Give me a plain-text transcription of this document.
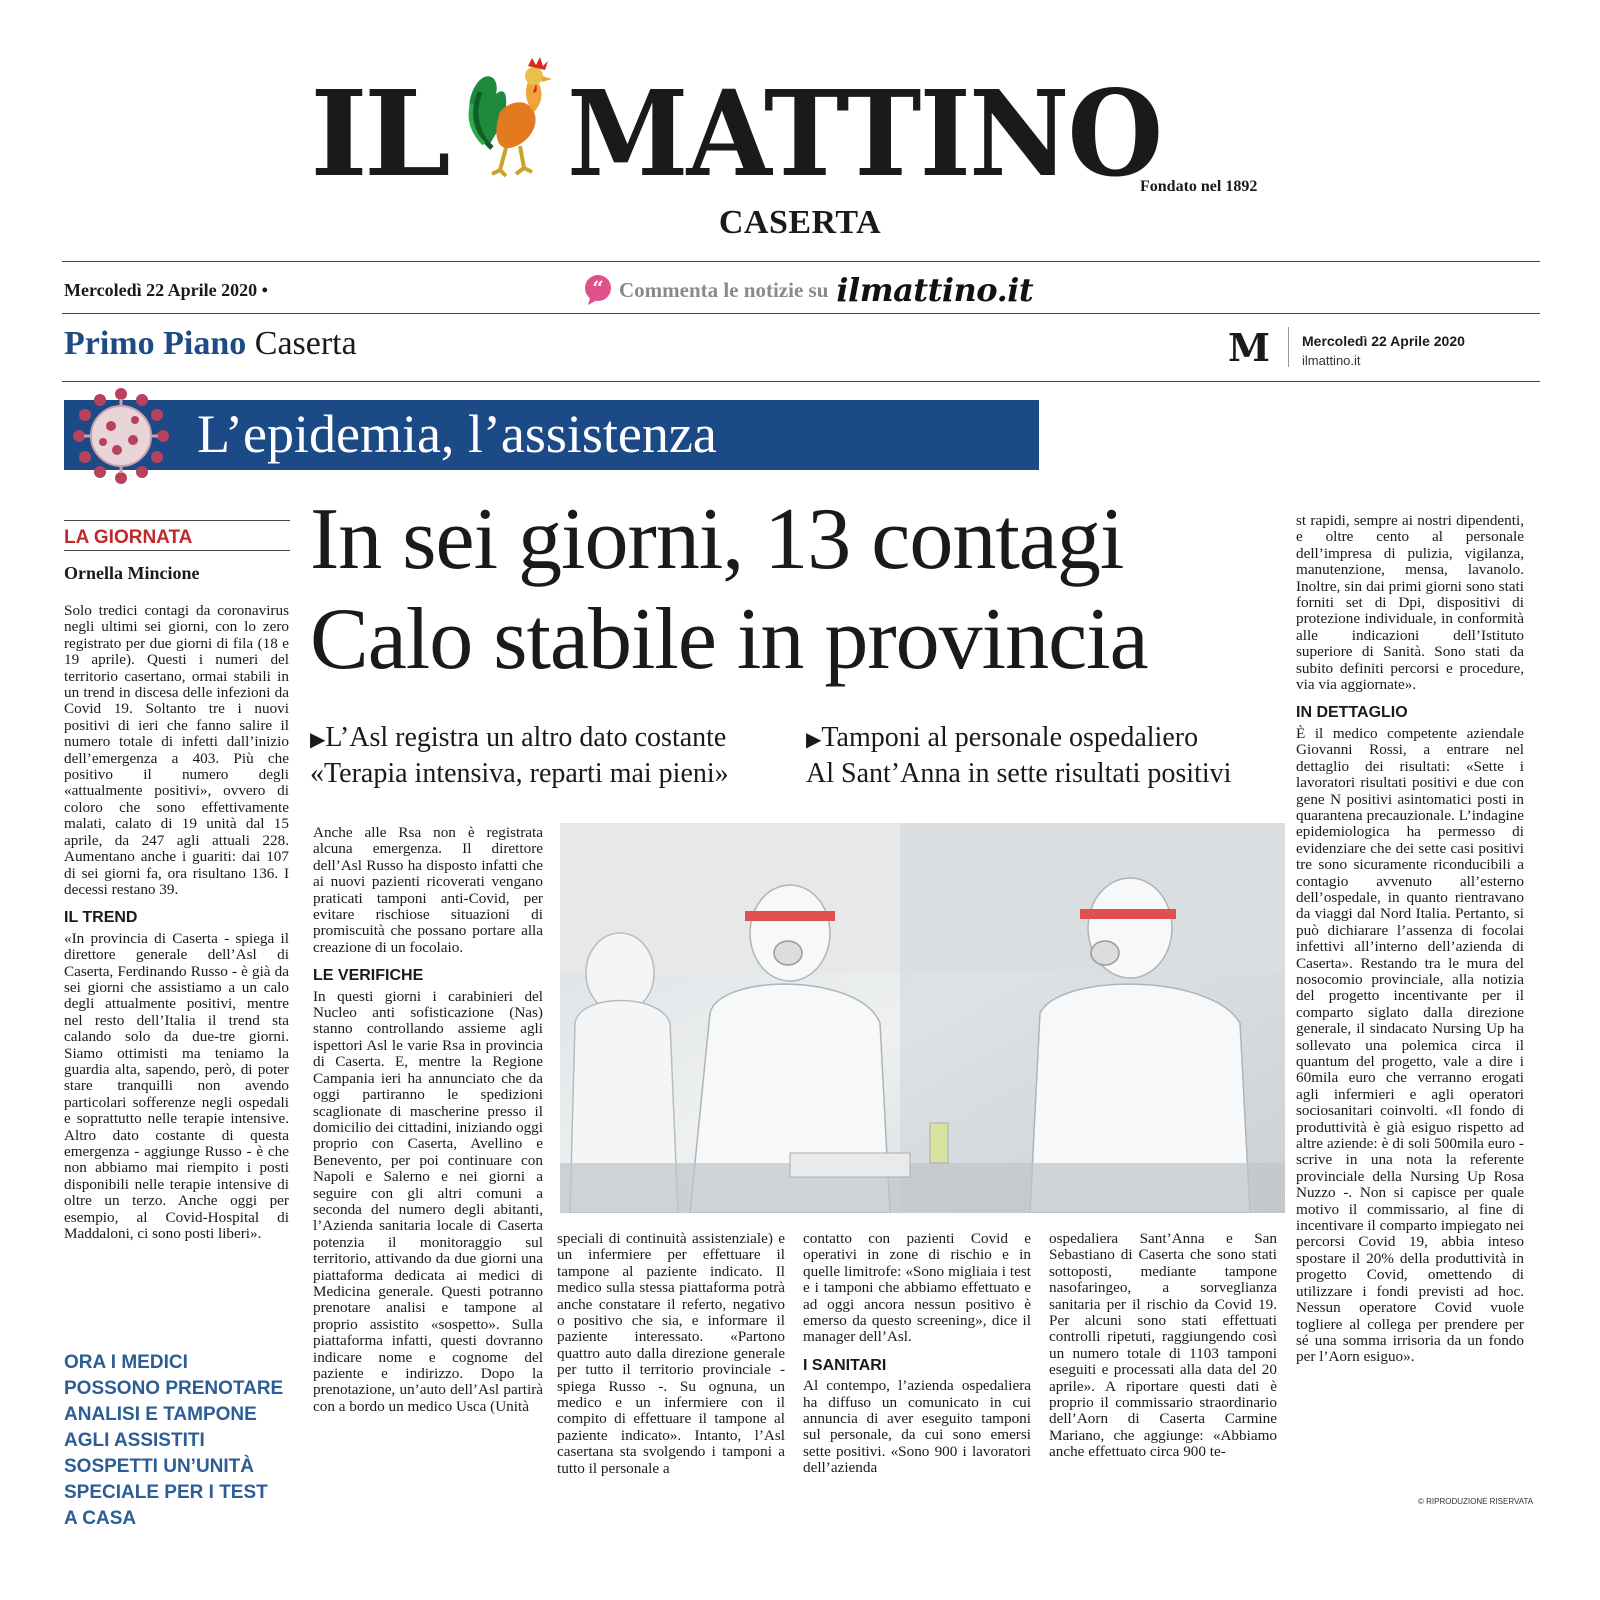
IL MATTINO
Fondato nel 1892
CASERTA
Mercoledì 22 Aprile 2020 •	“ Commenta le notizie su ilmattino.it
Primo Piano Caserta	M	Mercoledì 22 Aprile 2020
ilmattino.it
L’epidemia, l’assistenza
LA GIORNATA
Ornella Mincione

Solo tredici contagi da coronavirus negli ultimi sei giorni, con lo zero registrato per due giorni di fila (18 e 19 aprile). Questi i numeri del territorio casertano, ormai stabili in un trend in discesa delle infezioni da Covid 19. Soltanto tre i nuovi positivi di ieri che fanno salire il numero totale di infetti dall’inizio dell’emergenza a 403. Più che positivo il numero degli «attualmente positivi», ovvero di coloro che sono effettivamente malati, calato di 19 unità dal 15 aprile, da 247 agli attuali 228. Aumentano anche i guariti: dai 107 di sei giorni fa, ora risultano 136. I decessi restano 39.

IL TREND

«In provincia di Caserta - spiega il direttore generale dell’Asl di Caserta, Ferdinando Russo - è già da sei giorni che assistiamo a un calo degli attualmente positivi, mentre nel resto dell’Italia il trend sta calando solo da due-tre giorni. Siamo ottimisti ma teniamo la guardia alta, sapendo, però, di poter stare tranquilli non avendo particolari sofferenze negli ospedali e soprattutto nelle terapie intensive. Altro dato costante di questa emergenza - aggiunge Russo - è che non abbiamo mai riempito i posti disponibili nelle terapie intensive di oltre un terzo. Anche oggi per esempio, al Covid-Hospital di Maddaloni, ci sono posti liberi».

ORA I MEDICI POSSONO PRENOTARE ANALISI E TAMPONE AGLI ASSISTITI SOSPETTI UN’UNITÀ SPECIALE PER I TEST A CASA
In sei giorni, 13 contagi
Calo stabile in provincia
▶L’Asl registra un altro dato costante
«Terapia intensiva, reparti mai pieni»
▶Tamponi al personale ospedaliero
Al Sant’Anna in sette risultati positivi

Anche alle Rsa non è registrata alcuna emergenza. Il direttore dell’Asl Russo ha disposto infatti che ai nuovi pazienti ricoverati vengano praticati tamponi anti-Covid, per evitare rischiose situazioni di promiscuità che possano portare alla creazione di un focolaio.

LE VERIFICHE

In questi giorni i carabinieri del Nucleo anti sofisticazione (Nas) stanno controllando assieme agli ispettori Asl le varie Rsa in provincia di Caserta. E, mentre la Regione Campania ieri ha annunciato che da oggi partiranno le spedizioni scaglionate di mascherine presso il domicilio dei cittadini, iniziando oggi proprio con Caserta, Avellino e Benevento, per poi continuare con Napoli e Salerno e nei giorni a seguire con gli altri comuni a seconda del numero degli abitanti, l’Azienda sanitaria locale di Caserta potenzia il monitoraggio sul territorio, attivando da due giorni una piattaforma dedicata ai medici di Medicina generale. Questi potranno prenotare analisi e tampone al proprio assistito «sospetto». Sulla piattaforma infatti, questi dovranno indicare nome e cognome del paziente e indirizzo. Dopo la prenotazione, un’auto dell’Asl partirà con a bordo un medico Usca (Unità

speciali di continuità assistenziale) e un infermiere per effettuare il tampone al paziente indicato. Il medico sulla stessa piattaforma potrà anche constatare il referto, negativo o positivo che sia, e informare il paziente interessato. «Partono quattro auto dalla direzione generale per tutto il territorio provinciale - spiega Russo -. Su ognuna, un medico e un infermiere con il compito di effettuare il tampone al paziente indicato». Intanto, l’Asl casertana sta svolgendo i tamponi a tutto il personale a

contatto con pazienti Covid e operativi in zone di rischio e in quelle limitrofe: «Sono migliaia i test e i tamponi che abbiamo effettuato e ad oggi ancora nessun positivo è emerso da questo screening», dice il manager dell’Asl.

I SANITARI

Al contempo, l’azienda ospedaliera ha diffuso un comunicato in cui annuncia di aver eseguito tamponi sul personale, da cui sono emersi sette positivi. «Sono 900 i lavoratori dell’azienda

ospedaliera Sant’Anna e San Sebastiano di Caserta che sono stati sottoposti, mediante tampone nasofaringeo, a sorveglianza sanitaria per il rischio da Covid 19. Per alcuni sono stati effettuati controlli ripetuti, raggiungendo così un numero totale di 1103 tamponi eseguiti e processati alla data del 20 aprile». A riportare questi dati è proprio il commissario straordinario dell’Aorn di Caserta Carmine Mariano, che aggiunge: «Abbiamo anche effettuato circa 900 te-

st rapidi, sempre ai nostri dipendenti, e oltre cento al personale dell’impresa di pulizia, vigilanza, manutenzione, mensa, lavanolo. Inoltre, sin dai primi giorni sono stati forniti set di Dpi, dispositivi di protezione individuale, in conformità alle indicazioni dell’Istituto superiore di Sanità. Sono stati da subito definiti percorsi e procedure, via via aggiornate».

IN DETTAGLIO

È il medico competente aziendale Giovanni Rossi, a entrare nel dettaglio dei risultati: «Sette i lavoratori risultati positivi e due con gene N positivi asintomatici posti in quarantena precauzionale. L’indagine epidemiologica ha permesso di evidenziare che dei sette casi positivi tre sono sicuramente riconducibili a contagio avvenuto all’esterno dell’ospedale, in quanto rientravano da viaggi dal Nord Italia. Pertanto, si può dichiarare l’assenza di focolai infettivi all’interno dell’azienda di Caserta». Restando tra le mura del nosocomio provinciale, alla notizia del progetto incentivante per il comparto siglato dalla direzione generale, il sindacato Nursing Up ha sollevato una polemica circa il quantum del progetto, vale a dire i 60mila euro che verranno erogati agli infermieri e agli operatori sociosanitari coinvolti. «Il fondo di produttività è già esiguo rispetto ad altre aziende: è di soli 500mila euro - scrive in una nota la referente provinciale della Nursing Up Rosa Nuzzo -. Non si capisce per quale motivo il commissario, al fine di incentivare il comparto impiegato nei percorsi Covid 19, abbia inteso spostare il 20% della produttività in progetto Covid, omettendo di utilizzare i fondi previsti ad hoc. Nessun operatore Covid vuole togliere al collega per prendere per sé una somma irrisoria da un fondo per l’Aorn esiguo».

© RIPRODUZIONE RISERVATA
